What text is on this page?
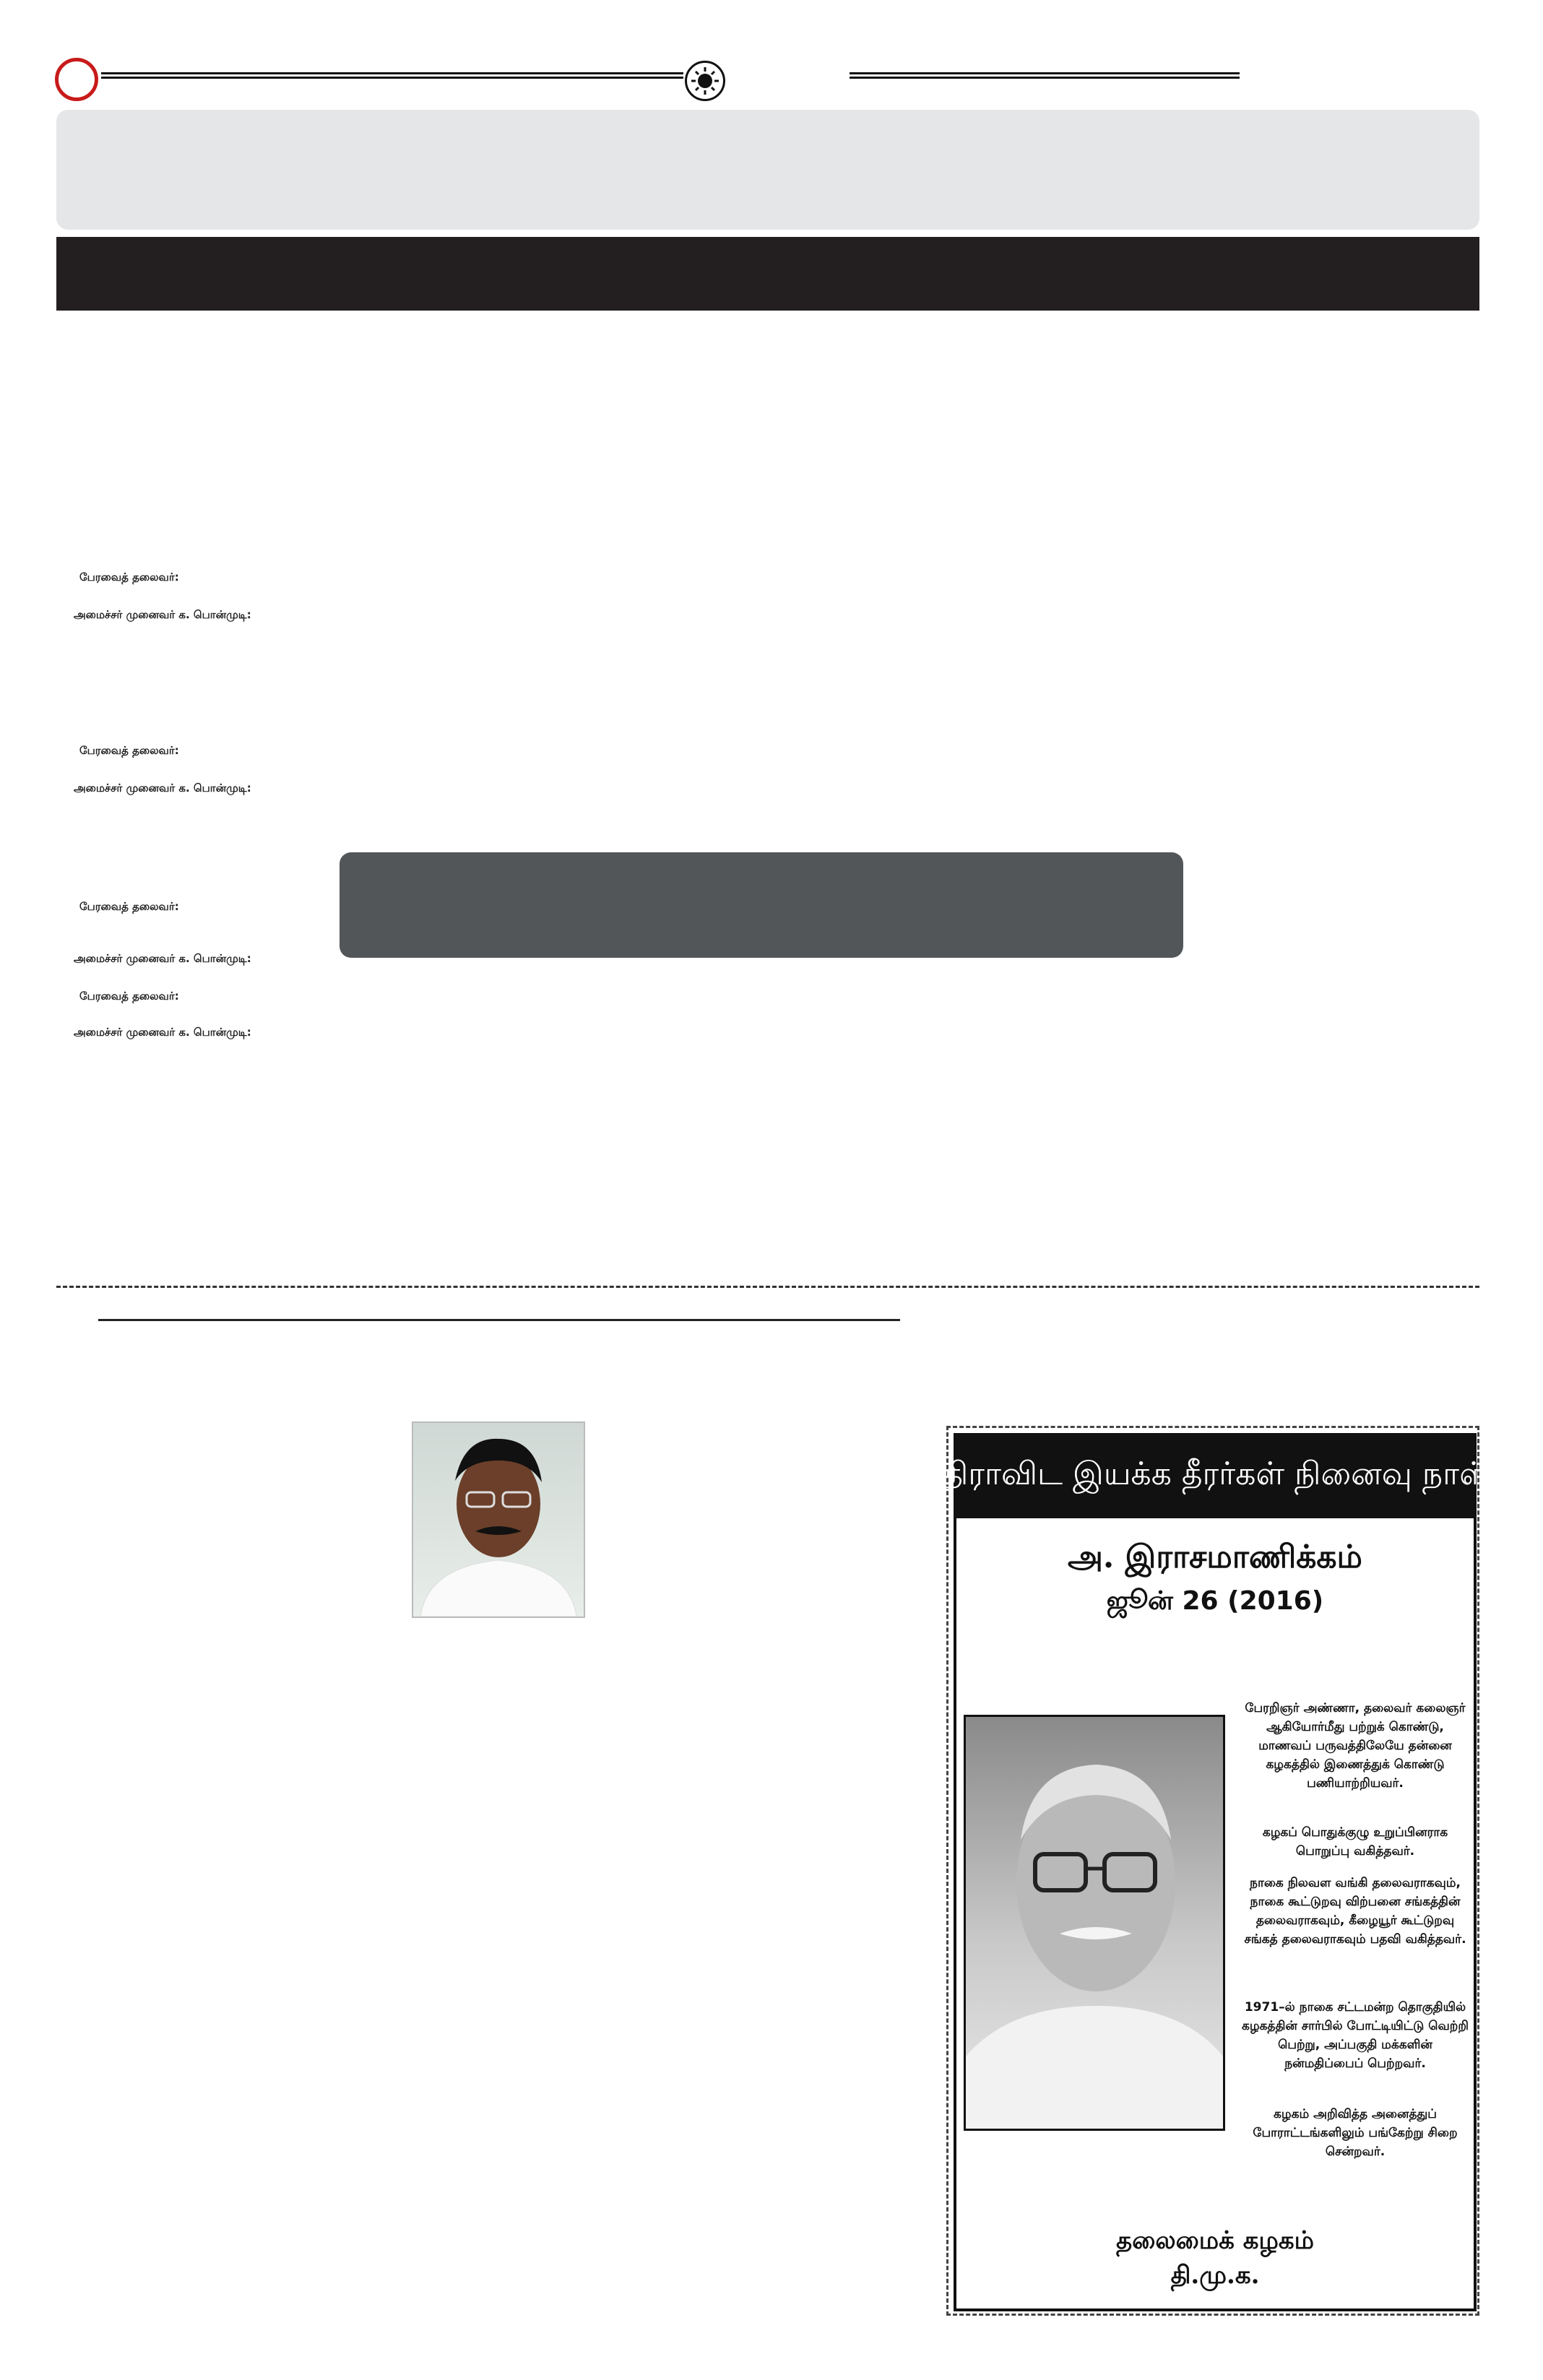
பேரவைத் தலைவர்:
அமைச்சர் முனைவர் க. பொன்முடி:
பேரவைத் தலைவர்:
அமைச்சர் முனைவர் க. பொன்முடி:
பேரவைத் தலைவர்:
அமைச்சர் முனைவர் க. பொன்முடி:
பேரவைத் தலைவர்:
அமைச்சர் முனைவர் க. பொன்முடி:
திராவிட இயக்க தீரர்கள் நினைவு நாள்
அ. இராசமாணிக்கம்
ஜூன் 26 (2016)
பேரறிஞர் அண்ணா, தலைவர் கலைஞர் ஆகியோர்மீது பற்றுக் கொண்டு, மாணவப் பருவத்திலேயே தன்னை கழகத்தில் இணைத்துக் கொண்டு பணியாற்றியவர்.
கழகப் பொதுக்குழு உறுப்பினராக பொறுப்பு வகித்தவர்.
நாகை நிலவள வங்கி தலைவராகவும், நாகை கூட்டுறவு விற்பனை சங்கத்தின் தலைவராகவும், கீழையூர் கூட்டுறவு சங்கத் தலைவராகவும் பதவி வகித்தவர்.
1971–ல் நாகை சட்டமன்ற தொகுதியில் கழகத்தின் சார்பில் போட்டியிட்டு வெற்றி பெற்று, அப்பகுதி மக்களின் நன்மதிப்பைப் பெற்றவர்.
கழகம் அறிவித்த அனைத்துப் போராட்டங்களிலும் பங்கேற்று சிறை சென்றவர்.
தலைமைக் கழகம்
தி.மு.க.
